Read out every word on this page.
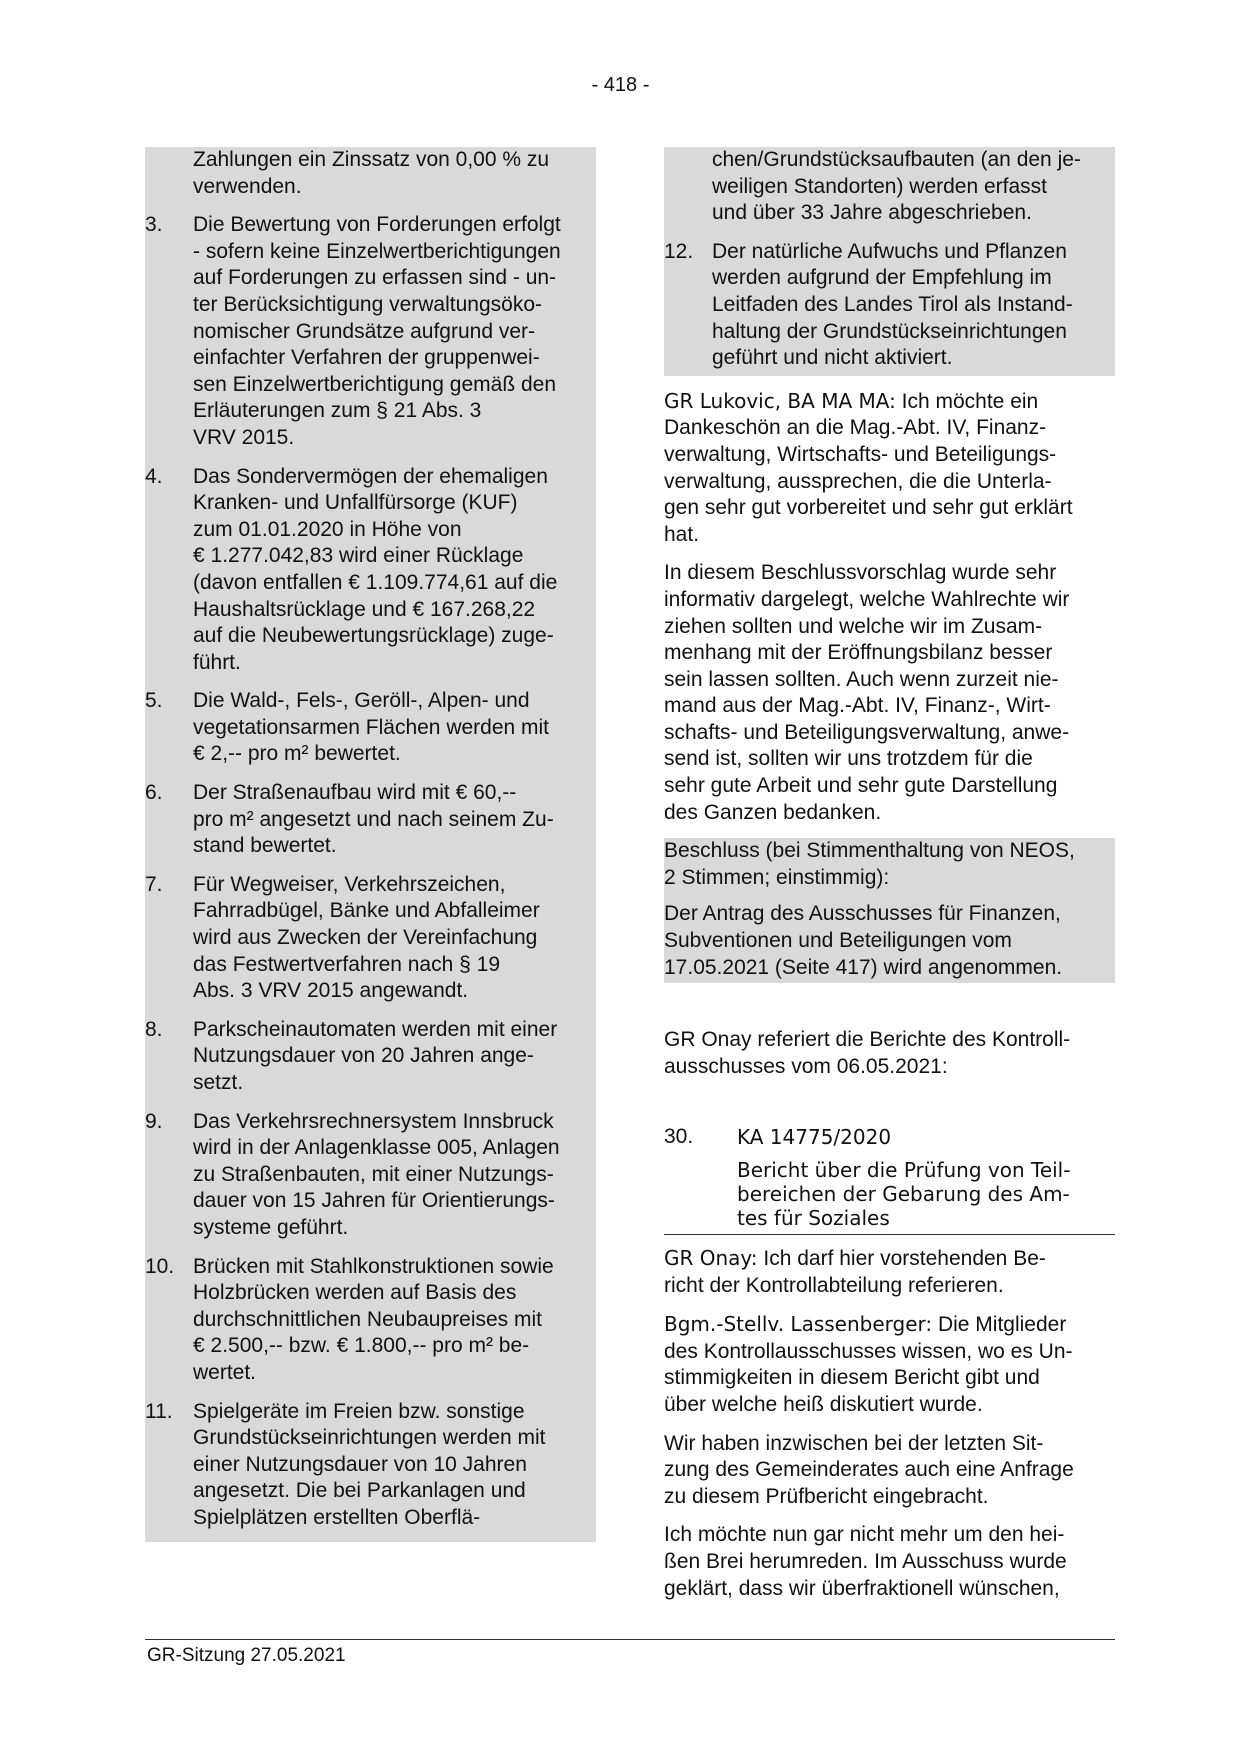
- 418 -
Zahlungen ein Zinssatz von 0,00 % zu
verwenden.
3.	Die Bewertung von Forderungen erfolgt
- sofern keine Einzelwertberichtigungen
auf Forderungen zu erfassen sind - un-
ter Berücksichtigung verwaltungsöko-
nomischer Grundsätze aufgrund ver-
einfachter Verfahren der gruppenwei-
sen Einzelwertberichtigung gemäß den
Erläuterungen zum § 21 Abs. 3
VRV 2015.
4.	Das Sondervermögen der ehemaligen
Kranken- und Unfallfürsorge (KUF)
zum 01.01.2020 in Höhe von
€ 1.277.042,83 wird einer Rücklage
(davon entfallen € 1.109.774,61 auf die
Haushaltsrücklage und € 167.268,22
auf die Neubewertungsrücklage) zuge-
führt.
5.	Die Wald-, Fels-, Geröll-, Alpen- und
vegetationsarmen Flächen werden mit
€ 2,-- pro m² bewertet.
6.	Der Straßenaufbau wird mit € 60,--
pro m² angesetzt und nach seinem Zu-
stand bewertet.
7.	Für Wegweiser, Verkehrszeichen,
Fahrradbügel, Bänke und Abfalleimer
wird aus Zwecken der Vereinfachung
das Festwertverfahren nach § 19
Abs. 3 VRV 2015 angewandt.
8.	Parkscheinautomaten werden mit einer
Nutzungsdauer von 20 Jahren ange-
setzt.
9.	Das Verkehrsrechnersystem Innsbruck
wird in der Anlagenklasse 005, Anlagen
zu Straßenbauten, mit einer Nutzungs-
dauer von 15 Jahren für Orientierungs-
systeme geführt.
10. Brücken mit Stahlkonstruktionen sowie
Holzbrücken werden auf Basis des
durchschnittlichen Neubaupreises mit
€ 2.500,-- bzw. € 1.800,-- pro m² be-
wertet.
11. Spielgeräte im Freien bzw. sonstige
Grundstückseinrichtungen werden mit
einer Nutzungsdauer von 10 Jahren
angesetzt. Die bei Parkanlagen und
Spielplätzen erstellten Oberflä-
chen/Grundstücksaufbauten (an den je-
weiligen Standorten) werden erfasst
und über 33 Jahre abgeschrieben.
12. Der natürliche Aufwuchs und Pflanzen
werden aufgrund der Empfehlung im
Leitfaden des Landes Tirol als Instand-
haltung der Grundstückseinrichtungen
geführt und nicht aktiviert.

GR Lukovic, BA MA MA: Ich möchte ein
Dankeschön an die Mag.-Abt. IV, Finanz-
verwaltung, Wirtschafts- und Beteiligungs-
verwaltung, aussprechen, die die Unterla-
gen sehr gut vorbereitet und sehr gut erklärt
hat.

In diesem Beschlussvorschlag wurde sehr
informativ dargelegt, welche Wahlrechte wir
ziehen sollten und welche wir im Zusam-
menhang mit der Eröffnungsbilanz besser
sein lassen sollten. Auch wenn zurzeit nie-
mand aus der Mag.-Abt. IV, Finanz-, Wirt-
schafts- und Beteiligungsverwaltung, anwe-
send ist, sollten wir uns trotzdem für die
sehr gute Arbeit und sehr gute Darstellung
des Ganzen bedanken.

Beschluss (bei Stimmenthaltung von NEOS,
2 Stimmen; einstimmig):

Der Antrag des Ausschusses für Finanzen,
Subventionen und Beteiligungen vom
17.05.2021 (Seite 417) wird angenommen.

GR Onay referiert die Berichte des Kontroll-
ausschusses vom 06.05.2021:

30.	KA 14775/2020
Bericht über die Prüfung von Teil-
bereichen der Gebarung des Am-
tes für Soziales

GR Onay: Ich darf hier vorstehenden Be-
richt der Kontrollabteilung referieren.

Bgm.-Stellv. Lassenberger: Die Mitglieder
des Kontrollausschusses wissen, wo es Un-
stimmigkeiten in diesem Bericht gibt und
über welche heiß diskutiert wurde.

Wir haben inzwischen bei der letzten Sit-
zung des Gemeinderates auch eine Anfrage
zu diesem Prüfbericht eingebracht.

Ich möchte nun gar nicht mehr um den hei-
ßen Brei herumreden. Im Ausschuss wurde
geklärt, dass wir überfraktionell wünschen,

GR-Sitzung 27.05.2021
